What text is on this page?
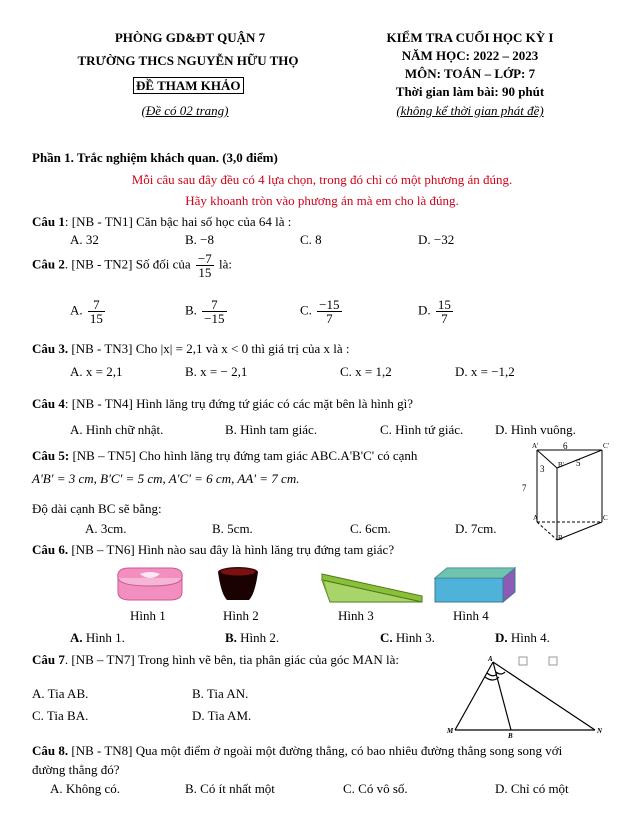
PHÒNG GD&ĐT QUẬN 7
TRƯỜNG THCS NGUYỄN HỮU THỌ
ĐỀ THAM KHẢO
(Đề có 02 trang)
KIỂM TRA CUỐI HỌC KỲ I
NĂM HỌC: 2022 – 2023
MÔN: TOÁN – LỚP: 7
Thời gian làm bài: 90 phút
(không kể thời gian phát đề)
Phần 1. Trắc nghiệm khách quan. (3,0 điểm)
Mỗi câu sau đây đều có 4 lựa chọn, trong đó chỉ có một phương án đúng.
Hãy khoanh tròn vào phương án mà em cho là đúng.
Câu 1: [NB - TN1] Căn bậc hai số học của 64 là :
A. 32	B. −8	C. 8	D. −32
Câu 2. [NB - TN2] Số đối của $\frac{-7}{15}$ là:
A. $\frac{7}{15}$	B. $\frac{7}{-15}$	C. $\frac{-15}{7}$	D. $\frac{15}{7}$
Câu 3. [NB - TN3] Cho |x| = 2,1 và x < 0 thì giá trị của x là :
A. x = 2,1	B. x = − 2,1	C. x = 1,2	D. x = −1,2
Câu 4: [NB - TN4] Hình lăng trụ đứng tứ giác có các mặt bên là hình gì?
A. Hình chữ nhật.	B. Hình tam giác.	C. Hình tứ giác. D. Hình vuông.
Câu 5: [NB – TN5] Cho hình lăng trụ đứng tam giác ABC.A'B'C' có cạnh
A'B' = 3 cm, B'C' = 5 cm, A'C' = 6 cm, AA' = 7 cm.
Độ dài cạnh BC sẽ bằng:
A. 3cm.	B. 5cm.	C. 6cm.	D. 7cm.
A'	C'
B'
A	C
B
6
3
5
7
Câu 6. [NB – TN6] Hình nào sau đây là hình lăng trụ đứng tam giác?
Hình 1	Hình 2	Hình 3	Hình 4
A. Hình 1.	B. Hình 2.	C. Hình 3.	D. Hình 4.
Câu 7. [NB – TN7] Trong hình vẽ bên, tia phân giác của góc MAN là:
A. Tia AB.	B. Tia AN.
C. Tia BA.	D. Tia AM.
A
M
B
N
Câu 8. [NB - TN8] Qua một điểm ở ngoài một đường thẳng, có bao nhiêu đường thẳng song song với
đường thẳng đó?
A. Không có.	B. Có ít nhất một	C. Có vô số.	D. Chỉ có một
